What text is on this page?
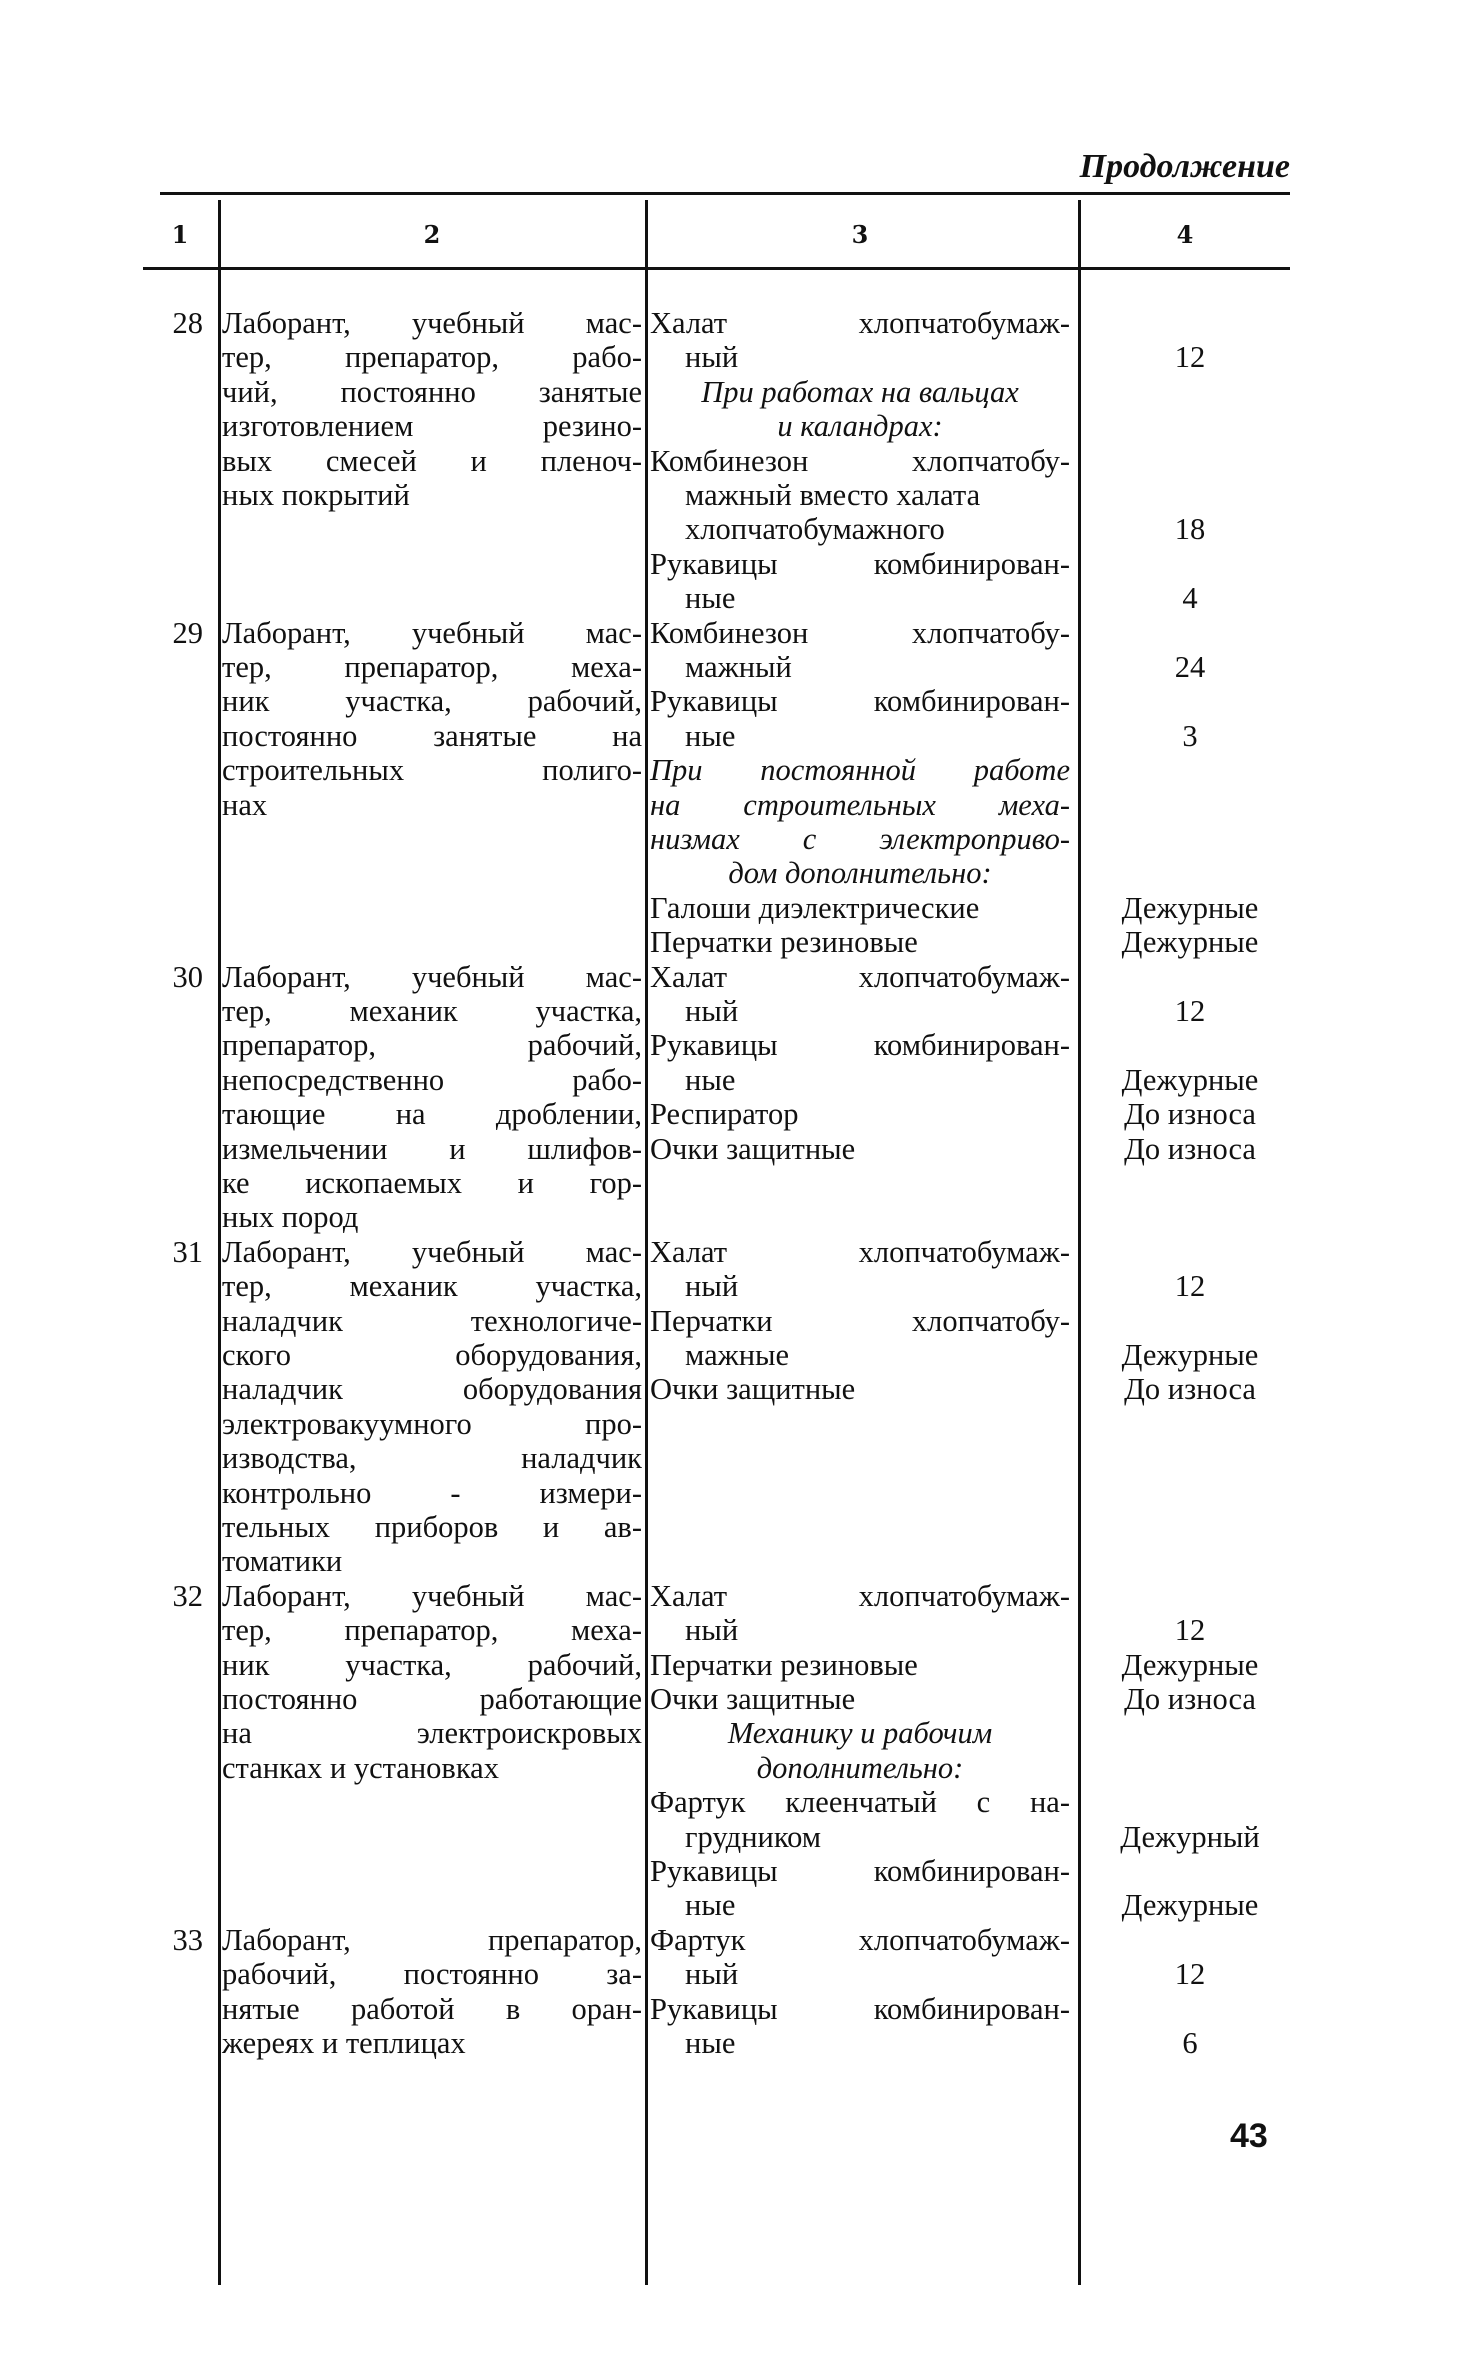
Продолжение
1	2	3	4
28 Лаборант, учебный мас-
тер, препаратор, рабо-
чий, постоянно занятые
изготовлением резино-
вых смесей и пленоч-
ных покрытий
Халат хлопчатобумаж-
ный	12
При работах на вальцах
и каландрах:
Комбинезон хлопчатобу-
мажный вместо халата
хлопчатобумажного	18
Рукавицы комбинирован-
ные	4
29 Лаборант, учебный мас-
тер, препаратор, меха-
ник участка, рабочий,
постоянно занятые на
строительных полиго-
нах
Комбинезон хлопчатобу-
мажный	24
Рукавицы комбинирован-
ные	3
При постоянной работе
на строительных меха-
низмах с электроприво-
дом дополнительно:
Галоши диэлектрические	Дежурные
Перчатки резиновые	Дежурные
30 Лаборант, учебный мас-
тер, механик участка,
препаратор, рабочий,
непосредственно рабо-
тающие на дроблении,
измельчении и шлифов-
ке ископаемых и гор-
ных пород
Халат хлопчатобумаж-
ный	12
Рукавицы комбинирован-
ные	Дежурные
Респиратор	До износа
Очки защитные	До износа
31 Лаборант, учебный мас-
тер, механик участка,
наладчик технологиче-
ского оборудования,
наладчик оборудования
электровакуумного про-
изводства, наладчик
контрольно - измери-
тельных приборов и ав-
томатики
Халат хлопчатобумаж-
ный	12
Перчатки хлопчатобу-
мажные	Дежурные
Очки защитные	До износа
32 Лаборант, учебный мас-
тер, препаратор, меха-
ник участка, рабочий,
постоянно работающие
на электроискровых
станках и установках
Халат хлопчатобумаж-
ный	12
Перчатки резиновые	Дежурные
Очки защитные	До износа
Механику и рабочим
дополнительно:
Фартук клеенчатый с на-
грудником	Дежурный
Рукавицы комбинирован-
ные	Дежурные
33 Лаборант, препаратор,
рабочий, постоянно за-
нятые работой в оран-
жереях и теплицах
Фартук хлопчатобумаж-
ный	12
Рукавицы комбинирован-
ные	6
43
